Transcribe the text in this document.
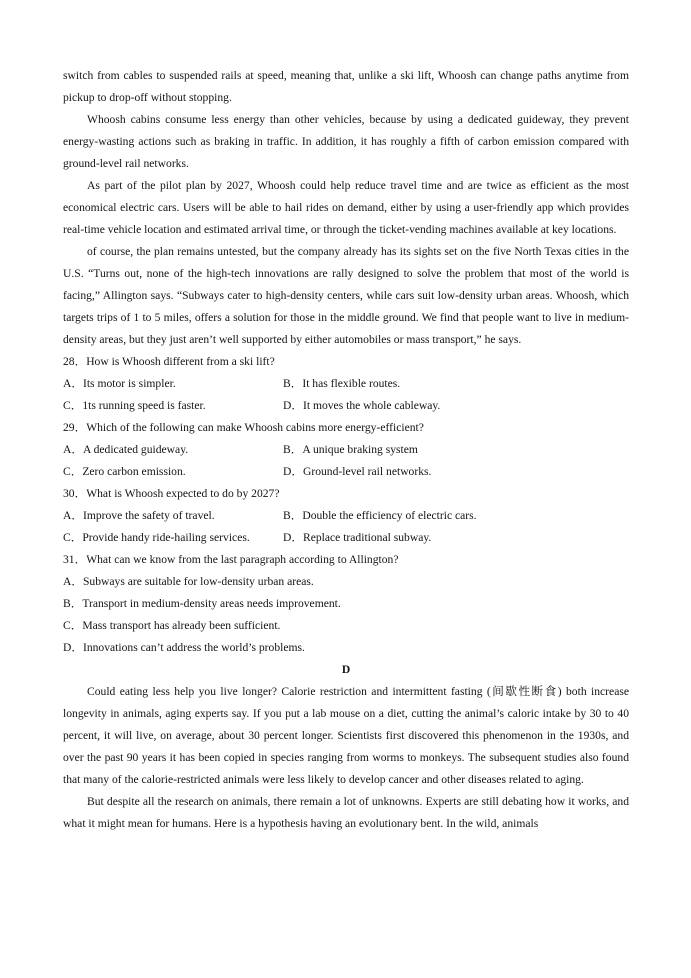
switch from cables to suspended rails at speed, meaning that, unlike a ski lift, Whoosh can change paths anytime from pickup to drop-off without stopping.

Whoosh cabins consume less energy than other vehicles, because by using a dedicated guideway, they prevent energy-wasting actions such as braking in traffic. In addition, it has roughly a fifth of carbon emission compared with ground-level rail networks.

As part of the pilot plan by 2027, Whoosh could help reduce travel time and are twice as efficient as the most economical electric cars. Users will be able to hail rides on demand, either by using a user-friendly app which provides real-time vehicle location and estimated arrival time, or through the ticket-vending machines available at key locations.

of course, the plan remains untested, but the company already has its sights set on the five North Texas cities in the U.S. “Turns out, none of the high-tech innovations are rally designed to solve the problem that most of the world is facing,” Allington says. “Subways cater to high-density centers, while cars suit low-density urban areas. Whoosh, which targets trips of 1 to 5 miles, offers a solution for those in the middle ground. We find that people want to live in medium-density areas, but they just aren’t well supported by either automobiles or mass transport,” he says.

28．How is Whoosh different from a ski lift?

A．Its motor is simpler.	B．It has flexible routes.

C．1ts running speed is faster.	D．It moves the whole cableway.

29．Which of the following can make Whoosh cabins more energy-efficient?

A．A dedicated guideway.	B．A unique braking system

C．Zero carbon emission.	D．Ground-level rail networks.

30．What is Whoosh expected to do by 2027?

A．Improve the safety of travel.	B．Double the efficiency of electric cars.

C．Provide handy ride-hailing services.	D．Replace traditional subway.

31．What can we know from the last paragraph according to Allington?

A．Subways are suitable for low-density urban areas.

B．Transport in medium-density areas needs improvement.

C．Mass transport has already been sufficient.

D．Innovations can’t address the world’s problems.

D

Could eating less help you live longer? Calorie restriction and intermittent fasting (间歇性断食) both increase longevity in animals, aging experts say. If you put a lab mouse on a diet, cutting the animal’s caloric intake by 30 to 40 percent, it will live, on average, about 30 percent longer. Scientists first discovered this phenomenon in the 1930s, and over the past 90 years it has been copied in species ranging from worms to monkeys. The subsequent studies also found that many of the calorie-restricted animals were less likely to develop cancer and other diseases related to aging.

But despite all the research on animals, there remain a lot of unknowns. Experts are still debating how it works, and what it might mean for humans. Here is a hypothesis having an evolutionary bent. In the wild, animals
